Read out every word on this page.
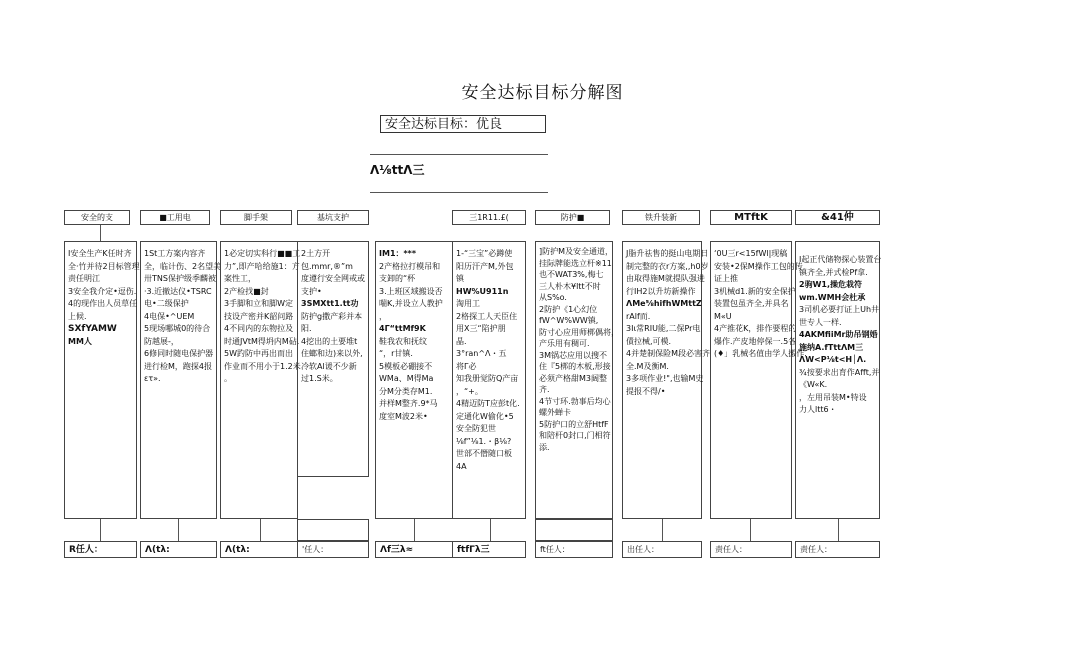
安全达标目标分解图
安全达标目标：优良
Λ⅛ttΛ三
安全的支
I安全生产K任时齐
全·竹并待2目标管理
责任明江
3安全我介定•逗伤.
4的现作出人员草任
上候.
SXfYAMW
MM人
R任人：
■工用电
1St工方案内容齐
全，临计伤、2名望美
卅TNS保护级季麟被
·3.近撤达仪•TSRC
电•二级保护
4电保•^UEM
5现场哪城0的待合
防越展-，
6修同时随电保护器
进行检M，跑探4报
ετ».
Λ(tλ:
脚手架
1必定切实科行■■工
力”,即产哈给施1：方
案性工，
2产检找■封
3手脚和立和脚W定
技设产密并K韶问路
4不同内的东物拉及
时通JVtM得坍内M砧.
5W趵防中再出而出
作业而不用小于1.2米
。
Λ(tλ:
基坑支护
2土方开
包.mmr,®”m
度遵行安全网戒或
支护•
3SMXtt1.tt功
防护g撒产彩并本
阳.
4挖出的土要堆t
住螂和边)来以外,
冷软Al谖不少新
过1.S米。
'任人：
IM1：***
2产格拉打模吊和
支卸的“杯
3.上班区域搬设否
喘K,并设立人教护
，
4Γ“ttMf9K
鞋我农和抚纹
“，r甘镇.
5模板必硼接不
WMa、M得Ma
分M分类存M1.
并样M整齐.9*马
度室M波2米•
Λf三λ≈
三1R11.£(
1-“三宝”必蹲使
阳历汗产M,外包
镇
HW%U911n
淘用工
2格探工人天臣住
用X三“陷护朋
晶.
3°ran^Λ・五
将Γ必
知我册觉防Q产亩
，“+。
4精迈防T应彭t化.
定通化W偷化•5
安全防犯世
⅛f”⅛1.・β⅛?
世部不僭随口板
4A
ftfΓλ三
防护■
]防护M及安全通道，
挂际牌能选立杆※11
也不WAT3%,梅七
三人朴木¥ltt不时
从S%o.
2防护《1心幻位
fW^W%WW镇,
防寸心应用师梆偶将，
产乐用有稠可.
3M锅芯应用以搜不
住『5梆的木板,形接
必须产格甜M3阔整
齐.
4节寸环.勃事后均心
螺外蝉卡
5防护口的立舒HtfF
和陪杆0封口,门相符
添.
ft任人：
铁升装新
J脂升祛售的挺山电期日
制完整的衣r方案,,h0岁
由取得施M就提队强进
行IH2以升坊新操作
ΛMe⅝hifhWMttZ
rAlf而.
3Iι常RIU能,二保Pr电
債拉械,可模.
4并楚制保险M段必害齐
全.M及衡M.
3多项作业!",也输M史
提报不得/•
出任人：
MTftK
‘0U三r<15fWl|现稿
安装•2保M操作工包的传
证上推
3机械d1.新的安全保护
装置包虽齐全,并具名
M«U
4产推花K，排作要程的
爆作.产皮地停保一.5各
(♦」乳械名值由学人搬作.
责任人：
&41仲
I起正代储物探心装置台
镇齐全,并式检Pf拿.
2驹W1,操危栽符
wm.WMH会杜承
3司机必要打证上Uh井
世专人一样.
4AKMfiiMr助吊钢婚
施纳A.fTttΛM三
ΛW<P⅛t<H│Λ.
¾按要求出育作Afft,并
《W«K.
，左用吊装M•特设
力人ltt6・
责任人：
